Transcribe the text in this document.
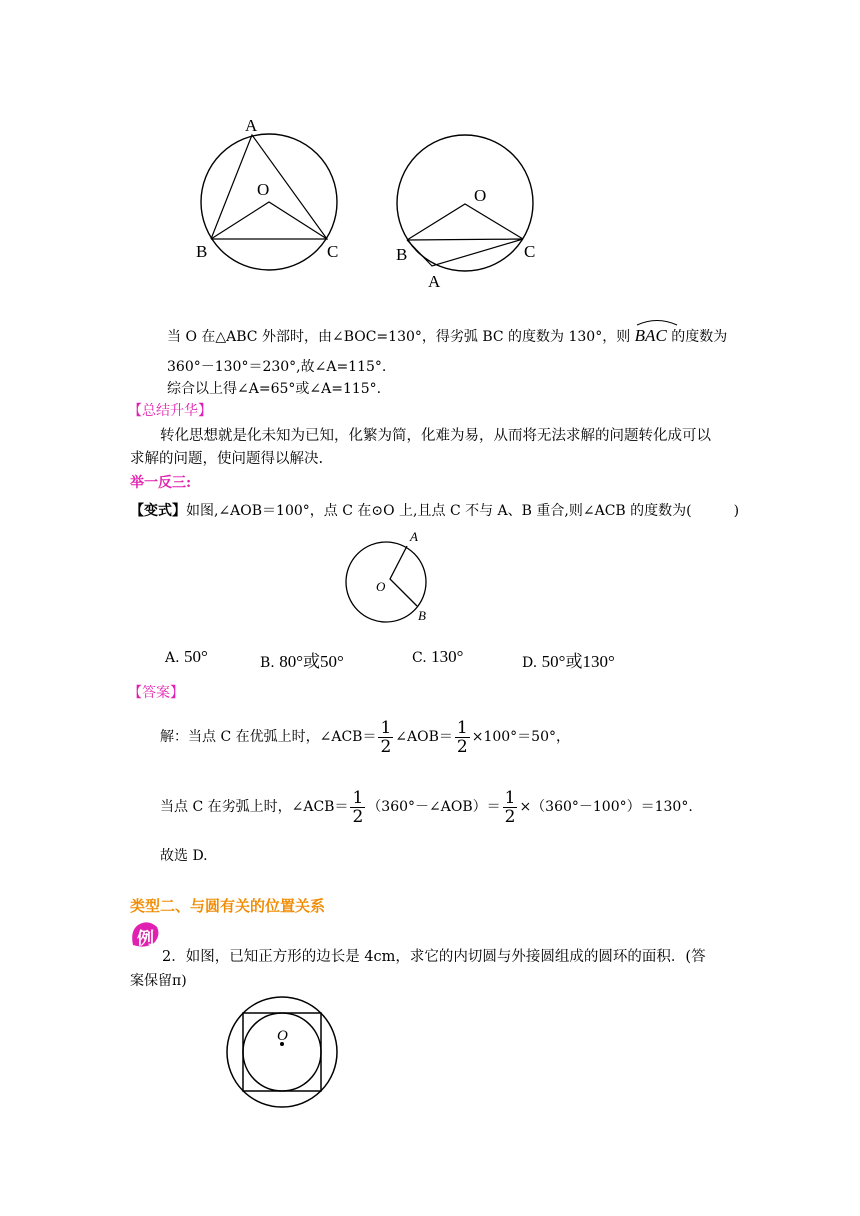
A
O
B	C
A
O
B	C
当 O 在△ABC 外部时，由∠BOC=130°，得劣弧 BC 的度数为 130°，则 BAC 的度数为
360°－130°＝230°,故∠A=115°.
综合以上得∠A=65°或∠A=115°.
【总结升华】
转化思想就是化未知为已知，化繁为简，化难为易，从而将无法求解的问题转化成可以
求解的问题，使问题得以解决.
举一反三:
【变式】如图,∠AOB＝100°，点 C 在⊙O 上,且点 C 不与 A、B 重合,则∠ACB 的度数为(　　　)
A
O
B
A. 50°	B. 80°或50°	C. 130°	D. 50°或130°
【答案】
解：当点 C 在优弧上时，∠ACB＝ $\frac{1}{2}$ ∠AOB＝ $\frac{1}{2} \times 100^\circ=50^\circ$，
当点 C 在劣弧上时，∠ACB＝ $\frac{1}{2}$ （360°－∠AOB）＝ $\frac{1}{2} \times(360^\circ-100^\circ)=130^\circ$.
故选 D.
类型二、与圆有关的位置关系
例
2．如图，已知正方形的边长是 4cm，求它的内切圆与外接圆组成的圆环的面积．(答
案保留π)
O
